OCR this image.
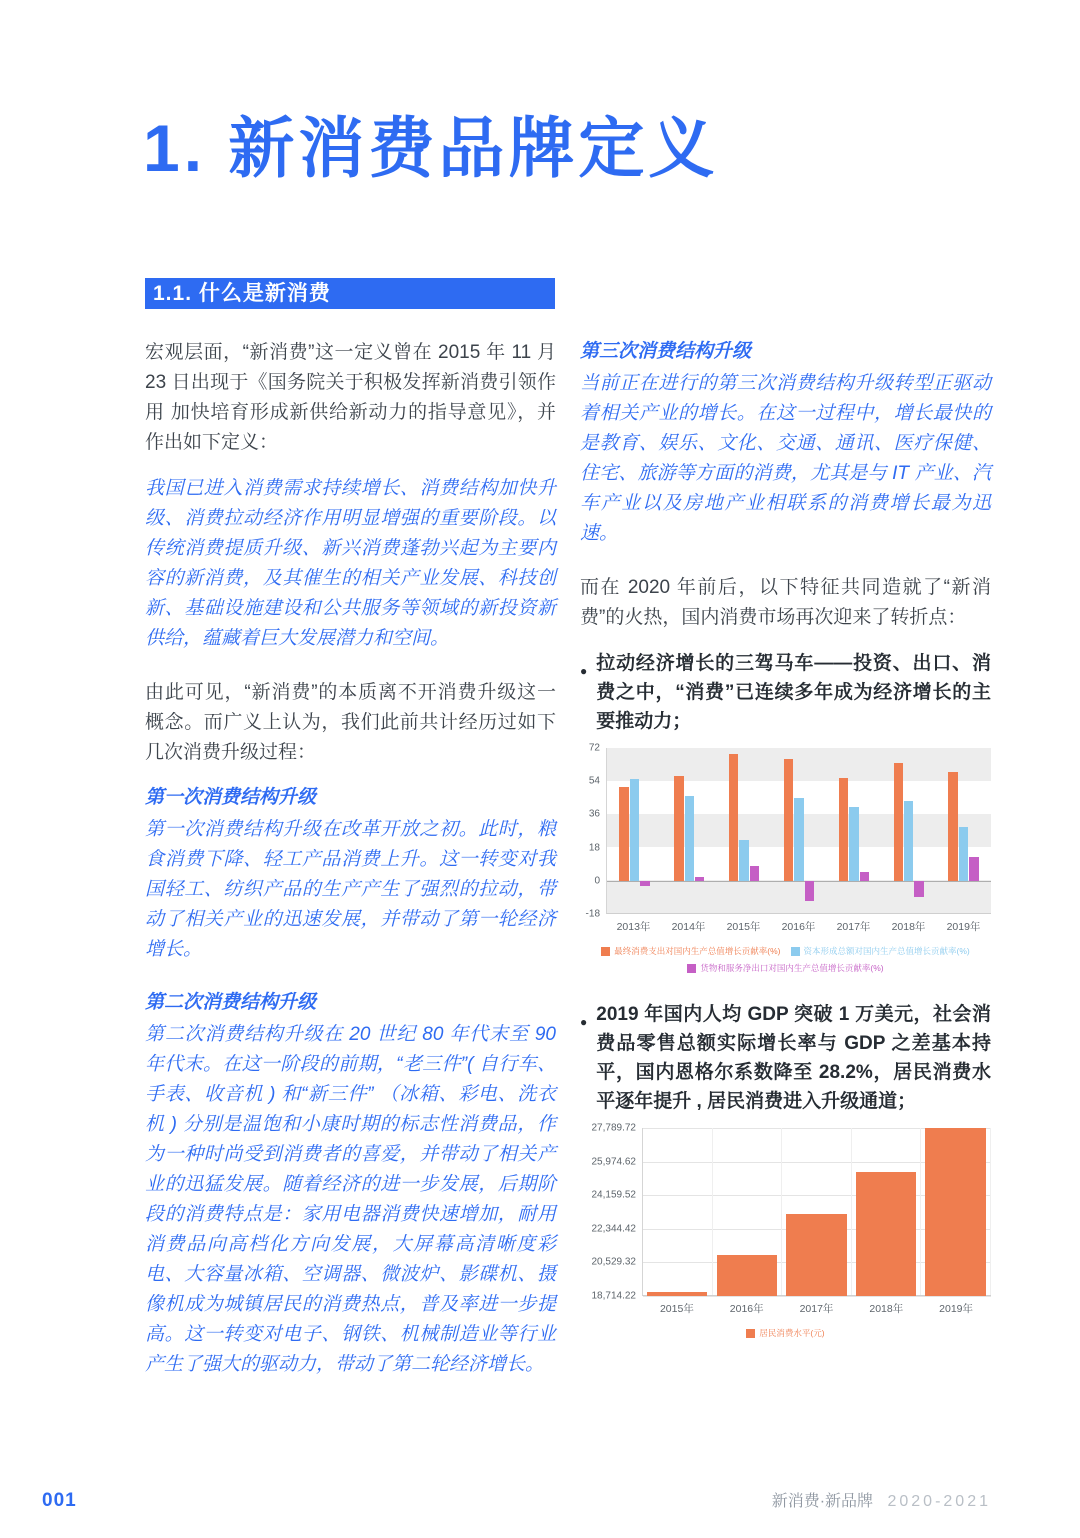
1. 新消费品牌定义
1.1. 什么是新消费

宏观层面，“新消费”这一定义曾在 2015 年 11 月 23 日出现于《国务院关于积极发挥新消费引领作用 加快培育形成新供给新动力的指导意见》，并作出如下定义：

我国已进入消费需求持续增长、消费结构加快升级、消费拉动经济作用明显增强的重要阶段。以传统消费提质升级、新兴消费蓬勃兴起为主要内容的新消费，及其催生的相关产业发展、科技创新、基础设施建设和公共服务等领域的新投资新供给，蕴藏着巨大发展潜力和空间。

由此可见，“新消费”的本质离不开消费升级这一概念。而广义上认为，我们此前共计经历过如下几次消费升级过程：

第一次消费结构升级

第一次消费结构升级在改革开放之初。此时，粮食消费下降、轻工产品消费上升。这一转变对我国轻工、纺织产品的生产产生了强烈的拉动，带动了相关产业的迅速发展，并带动了第一轮经济增长。

第二次消费结构升级

第二次消费结构升级在 20 世纪 80 年代末至 90 年代末。在这一阶段的前期，“老三件”( 自行车、手表、收音机 ) 和“新三件” （冰箱、彩电、洗衣机 ) 分别是温饱和小康时期的标志性消费品，作为一种时尚受到消费者的喜爱，并带动了相关产业的迅猛发展。随着经济的进一步发展，后期阶段的消费特点是：家用电器消费快速增加，耐用消费品向高档化方向发展，大屏幕高清晰度彩电、大容量冰箱、空调器、微波炉、影碟机、摄像机成为城镇居民的消费热点，普及率进一步提高。这一转变对电子、钢铁、机械制造业等行业产生了强大的驱动力，带动了第二轮经济增长。

第三次消费结构升级

当前正在进行的第三次消费结构升级转型正驱动着相关产业的增长。在这一过程中，增长最快的是教育、娱乐、文化、交通、通讯、医疗保健、住宅、旅游等方面的消费，尤其是与 IT 产业、汽车产业以及房地产业相联系的消费增长最为迅速。

而在 2020 年前后，以下特征共同造就了“新消费”的火热，国内消费市场再次迎来了转折点：

● 拉动经济增长的三驾马车——投资、出口、消费之中，“消费”已连续多年成为经济增长的主要推动力；
72
54
36
18
0
-18
2013年	2014年	2015年	2016年	2017年	2018年	2019年
最终消费支出对国内生产总值增长贡献率(%)	资本形成总额对国内生产总值增长贡献率(%)
货物和服务净出口对国内生产总值增长贡献率(%)
● 2019 年国内人均 GDP 突破 1 万美元，社会消费品零售总额实际增长率与 GDP 之差基本持平，国内恩格尔系数降至 28.2%，居民消费水平逐年提升 , 居民消费进入升级通道；
27,789.72
25,974.62
24,159.52
22,344.42
20,529.32
18,714.22
2015年	2016年	2017年	2018年	2019年
居民消费水平(元)
001	新消费·新品牌 2020-2021
